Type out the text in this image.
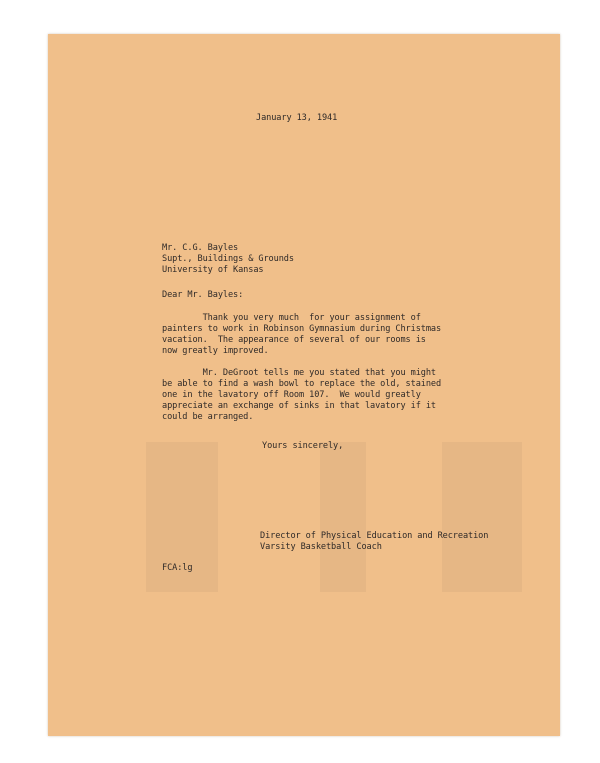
January 13, 1941
Mr. C.G. Bayles
Supt., Buildings & Grounds
University of Kansas
Dear Mr. Bayles:
Thank you very much  for your assignment of
painters to work in Robinson Gymnasium during Christmas
vacation.  The appearance of several of our rooms is
now greatly improved.
Mr. DeGroot tells me you stated that you might
be able to find a wash bowl to replace the old, stained
one in the lavatory off Room 107.  We would greatly
appreciate an exchange of sinks in that lavatory if it
could be arranged.
Yours sincerely,
Director of Physical Education and Recreation
Varsity Basketball Coach
FCA:lg
